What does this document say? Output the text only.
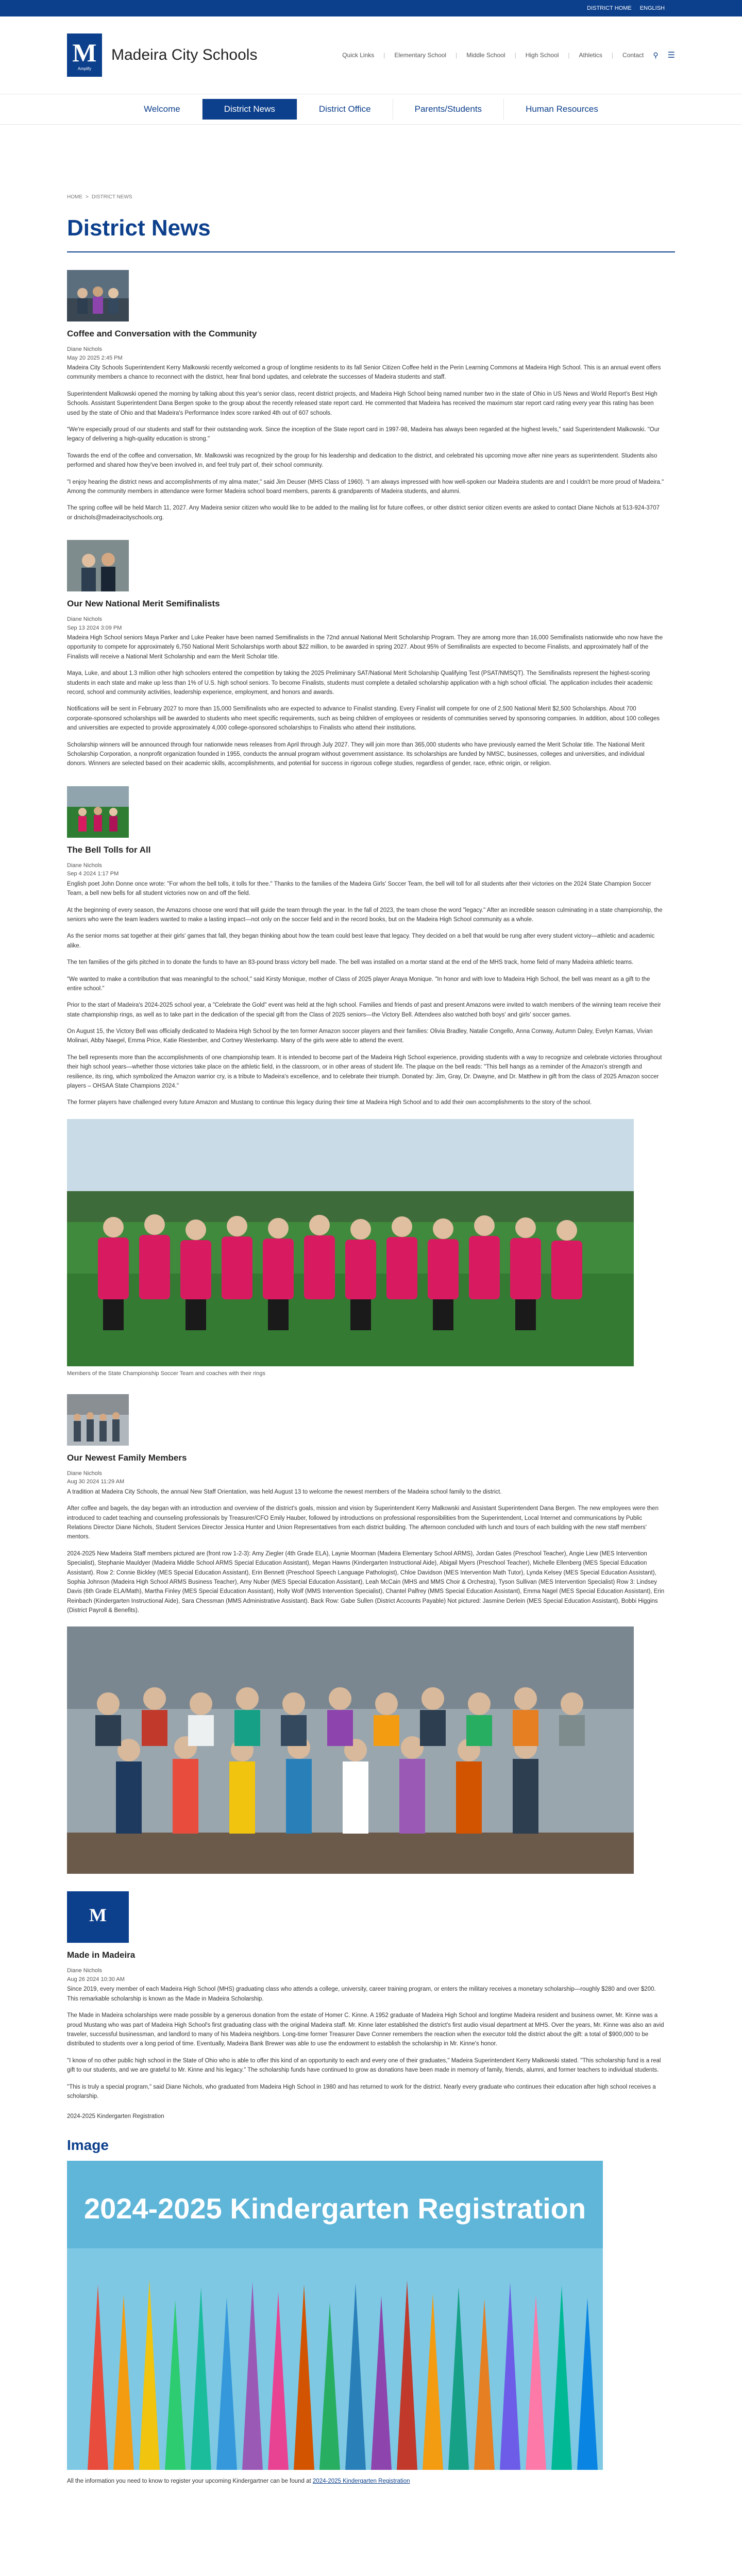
DISTRICT HOME ENGLISH
M
Amplify
Madeira City Schools	Quick Links | Elementary School | Middle School | High School | Athletics | Contact ⚲ ☰
Welcome	District News	District Office	Parents/Students	Human Resources
HOME > DISTRICT NEWS
District News
Coffee and Conversation with the Community
Diane Nichols
May 20 2025 2:45 PM

Madeira City Schools Superintendent Kerry Malkowski recently welcomed a group of longtime residents to its fall Senior Citizen Coffee held in the Perin Learning Commons at Madeira High School. This is an annual event offers community members a chance to reconnect with the district, hear final bond updates, and celebrate the successes of Madeira students and staff.

Superintendent Malkowski opened the morning by talking about this year's senior class, recent district projects, and Madeira High School being named number two in the state of Ohio in US News and World Report's Best High Schools. Assistant Superintendent Dana Bergen spoke to the group about the recently released state report card. He commented that Madeira has received the maximum star report card rating every year this rating has been used by the state of Ohio and that Madeira's Performance Index score ranked 4th out of 607 schools.

"We're especially proud of our students and staff for their outstanding work. Since the inception of the State report card in 1997-98, Madeira has always been regarded at the highest levels," said Superintendent Malkowski. "Our legacy of delivering a high-quality education is strong."

Towards the end of the coffee and conversation, Mr. Malkowski was recognized by the group for his leadership and dedication to the district, and celebrated his upcoming move after nine years as superintendent. Students also performed and shared how they've been involved in, and feel truly part of, their school community.

"I enjoy hearing the district news and accomplishments of my alma mater," said Jim Deuser (MHS Class of 1960). "I am always impressed with how well-spoken our Madeira students are and I couldn't be more proud of Madeira." Among the community members in attendance were former Madeira school board members, parents & grandparents of Madeira students, and alumni.

The spring coffee will be held March 11, 2027. Any Madeira senior citizen who would like to be added to the mailing list for future coffees, or other district senior citizen events are asked to contact Diane Nichols at 513-924-3707 or dnichols@madeiracityschools.org.

Our New National Merit Semifinalists
Diane Nichols
Sep 13 2024 3:09 PM

Madeira High School seniors Maya Parker and Luke Peaker have been named Semifinalists in the 72nd annual National Merit Scholarship Program. They are among more than 16,000 Semifinalists nationwide who now have the opportunity to compete for approximately 6,750 National Merit Scholarships worth about $22 million, to be awarded in spring 2027. About 95% of Semifinalists are expected to become Finalists, and approximately half of the Finalists will receive a National Merit Scholarship and earn the Merit Scholar title.

Maya, Luke, and about 1.3 million other high schoolers entered the competition by taking the 2025 Preliminary SAT/National Merit Scholarship Qualifying Test (PSAT/NMSQT). The Semifinalists represent the highest-scoring students in each state and make up less than 1% of U.S. high school seniors. To become Finalists, students must complete a detailed scholarship application with a high school official. The application includes their academic record, school and community activities, leadership experience, employment, and honors and awards.

Notifications will be sent in February 2027 to more than 15,000 Semifinalists who are expected to advance to Finalist standing. Every Finalist will compete for one of 2,500 National Merit $2,500 Scholarships. About 700 corporate-sponsored scholarships will be awarded to students who meet specific requirements, such as being children of employees or residents of communities served by sponsoring companies. In addition, about 100 colleges and universities are expected to provide approximately 4,000 college-sponsored scholarships to Finalists who attend their institutions.

Scholarship winners will be announced through four nationwide news releases from April through July 2027. They will join more than 365,000 students who have previously earned the Merit Scholar title. The National Merit Scholarship Corporation, a nonprofit organization founded in 1955, conducts the annual program without government assistance. Its scholarships are funded by NMSC, businesses, colleges and universities, and individual donors. Winners are selected based on their academic skills, accomplishments, and potential for success in rigorous college studies, regardless of gender, race, ethnic origin, or religion.

The Bell Tolls for All
Diane Nichols
Sep 4 2024 1:17 PM

English poet John Donne once wrote: "For whom the bell tolls, it tolls for thee." Thanks to the families of the Madeira Girls' Soccer Team, the bell will toll for all students after their victories on the 2024 State Champion Soccer Team, a bell new bells for all student victories now on and off the field.

At the beginning of every season, the Amazons choose one word that will guide the team through the year. In the fall of 2023, the team chose the word "legacy." After an incredible season culminating in a state championship, the seniors who were the team leaders wanted to make a lasting impact—not only on the soccer field and in the record books, but on the Madeira High School community as a whole.

As the senior moms sat together at their girls' games that fall, they began thinking about how the team could best leave that legacy. They decided on a bell that would be rung after every student victory—athletic and academic alike.

The ten families of the girls pitched in to donate the funds to have an 83-pound brass victory bell made. The bell was installed on a mortar stand at the end of the MHS track, home field of many Madeira athletic teams.

"We wanted to make a contribution that was meaningful to the school," said Kirsty Monique, mother of Class of 2025 player Anaya Monique. "In honor and with love to Madeira High School, the bell was meant as a gift to the entire school."

Prior to the start of Madeira's 2024-2025 school year, a "Celebrate the Gold" event was held at the high school. Families and friends of past and present Amazons were invited to watch members of the winning team receive their state championship rings, as well as to take part in the dedication of the special gift from the Class of 2025 seniors—the Victory Bell. Attendees also watched both boys' and girls' soccer games.

On August 15, the Victory Bell was officially dedicated to Madeira High School by the ten former Amazon soccer players and their families: Olivia Bradley, Natalie Congello, Anna Conway, Autumn Daley, Evelyn Kamas, Vivian Molinari, Abby Naegel, Emma Price, Katie Riestenber, and Cortney Westerkamp. Many of the girls were able to attend the event.

The bell represents more than the accomplishments of one championship team. It is intended to become part of the Madeira High School experience, providing students with a way to recognize and celebrate victories throughout their high school years—whether those victories take place on the athletic field, in the classroom, or in other areas of student life. The plaque on the bell reads: "This bell hangs as a reminder of the Amazon's strength and resilience, its ring, which symbolized the Amazon warrior cry, is a tribute to Madeira's excellence, and to celebrate their triumph. Donated by: Jim, Gray, Dr. Dwayne, and Dr. Matthew in gift from the class of 2025 Amazon soccer players – OHSAA State Champions 2024."

The former players have challenged every future Amazon and Mustang to continue this legacy during their time at Madeira High School and to add their own accomplishments to the story of the school.

Members of the State Championship Soccer Team and coaches with their rings
Our Newest Family Members
Diane Nichols
Aug 30 2024 11:29 AM

A tradition at Madeira City Schools, the annual New Staff Orientation, was held August 13 to welcome the newest members of the Madeira school family to the district.

After coffee and bagels, the day began with an introduction and overview of the district's goals, mission and vision by Superintendent Kerry Malkowski and Assistant Superintendent Dana Bergen. The new employees were then introduced to cadet teaching and counseling professionals by Treasurer/CFO Emily Hauber, followed by introductions on professional responsibilities from the Superintendent, Local Internet and communications by Public Relations Director Diane Nichols, Student Services Director Jessica Hunter and Union Representatives from each district building. The afternoon concluded with lunch and tours of each building with the new staff members' mentors.

2024-2025 New Madeira Staff members pictured are (front row 1-2-3): Amy Ziegler (4th Grade ELA), Laynie Moorman (Madeira Elementary School ARMS), Jordan Gates (Preschool Teacher), Angie Liew (MES Intervention Specialist), Stephanie Mauldyer (Madeira Middle School ARMS Special Education Assistant), Megan Hawns (Kindergarten Instructional Aide), Abigail Myers (Preschool Teacher), Michelle Ellenberg (MES Special Education Assistant). Row 2: Connie Bickley (MES Special Education Assistant), Erin Bennett (Preschool Speech Language Pathologist), Chloe Davidson (MES Intervention Math Tutor), Lynda Kelsey (MES Special Education Assistant), Sophia Johnson (Madeira High School ARMS Business Teacher), Amy Nuber (MES Special Education Assistant), Leah McCain (MHS and MMS Choir & Orchestra), Tyson Sullivan (MES Intervention Specialist) Row 3: Lindsey Davis (6th Grade ELA/Math), Martha Finley (MES Special Education Assistant), Holly Wolf (MMS Intervention Specialist), Chantel Palfrey (MMS Special Education Assistant), Emma Nagel (MES Special Education Assistant), Erin Reinbach (Kindergarten Instructional Aide), Sara Chessman (MMS Administrative Assistant). Back Row: Gabe Sullen (District Accounts Payable) Not pictured: Jasmine Derlein (MES Special Education Assistant), Bobbi Higgins (District Payroll & Benefits).

M
Made in Madeira
Diane Nichols
Aug 26 2024 10:30 AM

Since 2019, every member of each Madeira High School (MHS) graduating class who attends a college, university, career training program, or enters the military receives a monetary scholarship—roughly $280 and over $200. This remarkable scholarship is known as the Made in Madeira Scholarship.

The Made in Madeira scholarships were made possible by a generous donation from the estate of Homer C. Kinne. A 1952 graduate of Madeira High School and longtime Madeira resident and business owner, Mr. Kinne was a proud Mustang who was part of Madeira High School's first graduating class with the original Madeira staff. Mr. Kinne later established the district's first audio visual department at MHS. Over the years, Mr. Kinne was also an avid traveler, successful businessman, and landlord to many of his Madeira neighbors. Long-time former Treasurer Dave Conner remembers the reaction when the executor told the district about the gift: a total of $900,000 to be distributed to students over a long period of time. Eventually, Madeira Bank Brewer was able to use the endowment to establish the scholarship in Mr. Kinne's honor.

"I know of no other public high school in the State of Ohio who is able to offer this kind of an opportunity to each and every one of their graduates," Madeira Superintendent Kerry Malkowski stated. "This scholarship fund is a real gift to our students, and we are grateful to Mr. Kinne and his legacy." The scholarship funds have continued to grow as donations have been made in memory of family, friends, alumni, and former teachers to individual students.

"This is truly a special program," said Diane Nichols, who graduated from Madeira High School in 1980 and has returned to work for the district. Nearly every graduate who continues their education after high school receives a scholarship.

2024-2025 Kindergarten Registration
Image
2024-2025 Kindergarten Registration
All the information you need to know to register your upcoming Kindergartner can be found at 2024-2025 Kindergarten Registration
